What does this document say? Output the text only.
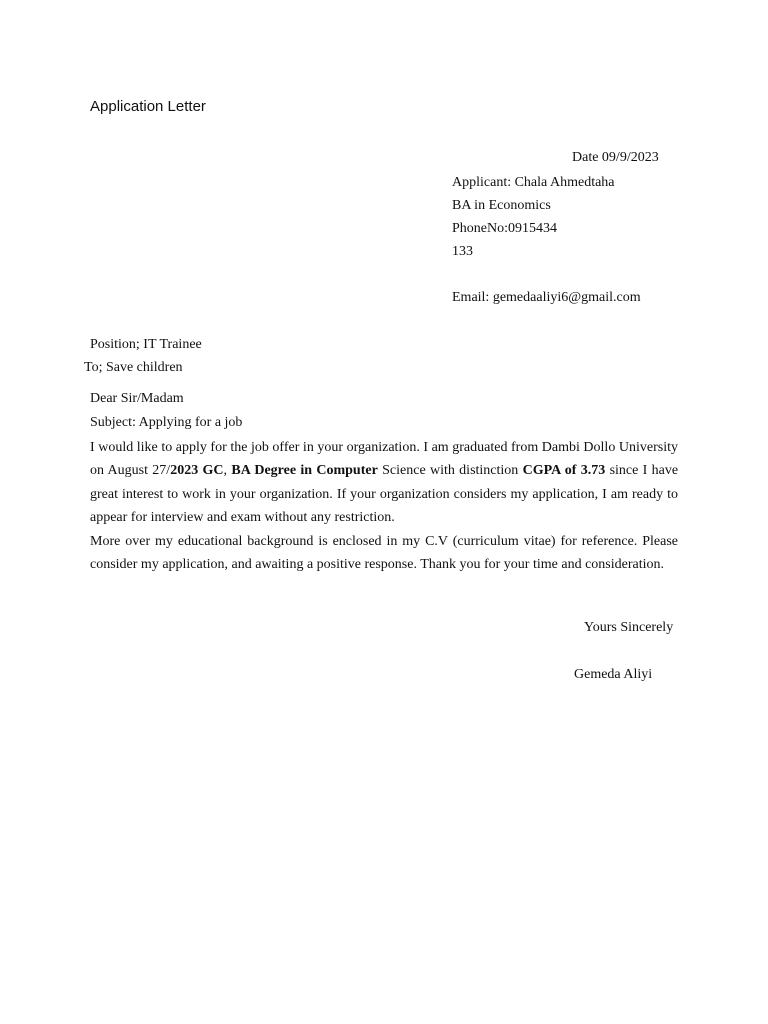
Application Letter
Date 09/9/2023
Applicant: Chala Ahmedtaha
BA in Economics
PhoneNo:0915434
133
Email: gemedaaliyi6@gmail.com
Position; IT Trainee
To; Save children
Dear Sir/Madam
Subject: Applying for a job

I would like to apply for the job offer in your organization. I am graduated from Dambi Dollo University on August 27/2023 GC, BA Degree in Computer Science with distinction CGPA of 3.73 since I have great interest to work in your organization. If your organization considers my application, I am ready to appear for interview and exam without any restriction.

More over my educational background is enclosed in my C.V (curriculum vitae) for reference. Please consider my application, and awaiting a positive response. Thank you for your time and consideration.

Yours Sincerely
Gemeda Aliyi
